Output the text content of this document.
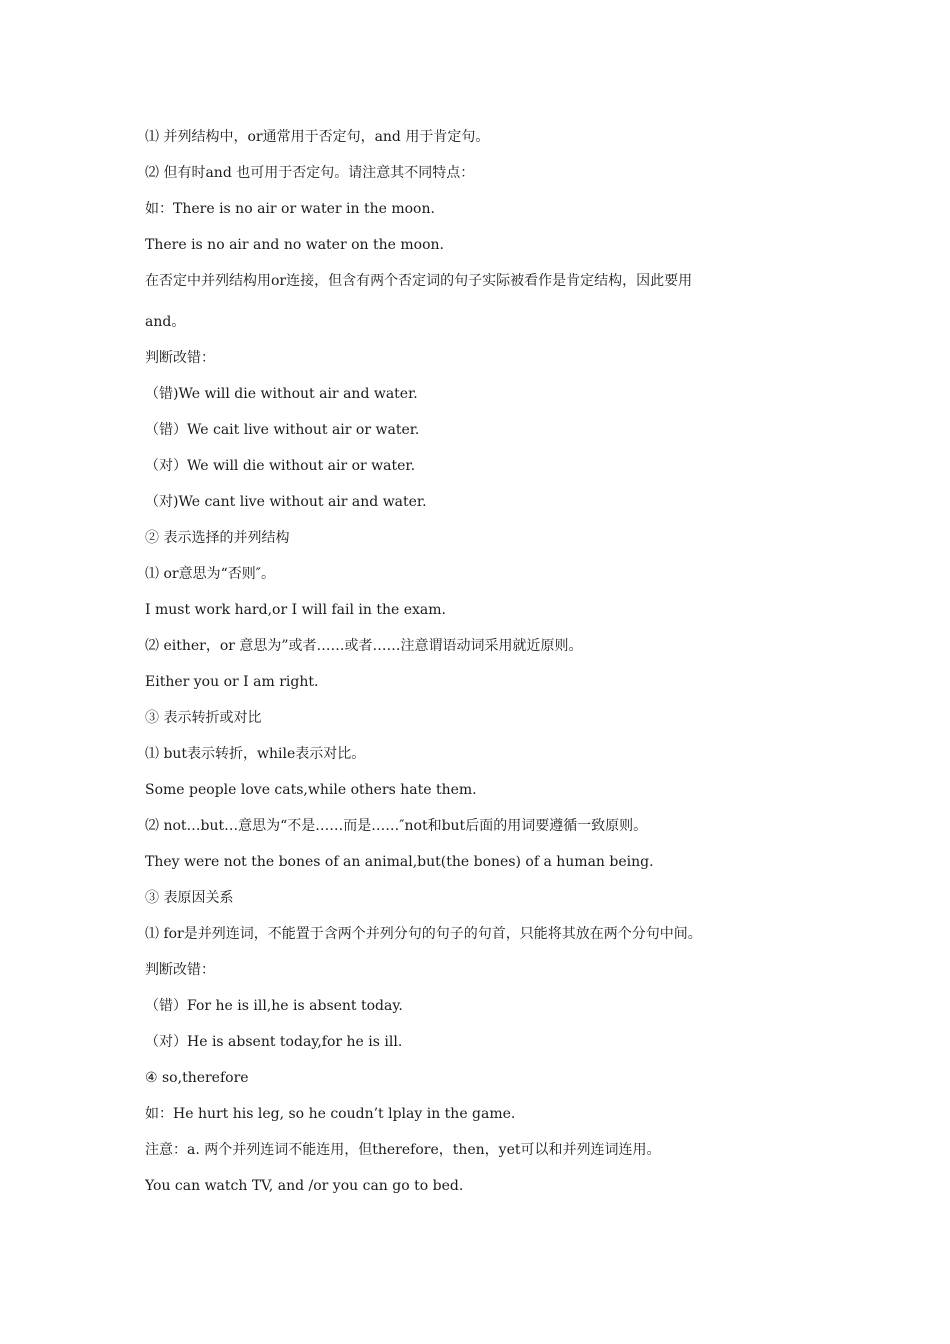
⑴ 并列结构中，or通常用于否定句，and 用于肯定句。
⑵ 但有时and 也可用于否定句。请注意其不同特点：
如：There is no air or water in the moon.
There is no air and no water on the moon.
在否定中并列结构用or连接，但含有两个否定词的句子实际被看作是肯定结构，因此要用
and。
判断改错：
（错)We will die without air and water.
（错）We cait live without air or water.
（对）We will die without air or water.
（对)We cant live without air and water.
② 表示选择的并列结构
⑴ or意思为“否则″。
I must work hard,or I will fail in the exam.
⑵ either，or 意思为”或者……或者……注意谓语动词采用就近原则。
Either you or I am right.
③ 表示转折或对比
⑴ but表示转折，while表示对比。
Some people love cats,while others hate them.
⑵ not…but…意思为“不是……而是……″not和but后面的用词要遵循一致原则。
They were not the bones of an animal,but(the bones) of a human being.
③ 表原因关系
⑴ for是并列连词，不能置于含两个并列分句的句子的句首，只能将其放在两个分句中间。
判断改错：
（错）For he is ill,he is absent today.
（对）He is absent today,for he is ill.
④ so,therefore
如：He hurt his leg, so he coudn’t lplay in the game.
注意：a. 两个并列连词不能连用，但therefore，then，yet可以和并列连词连用。
You can watch TV, and /or you can go to bed.
